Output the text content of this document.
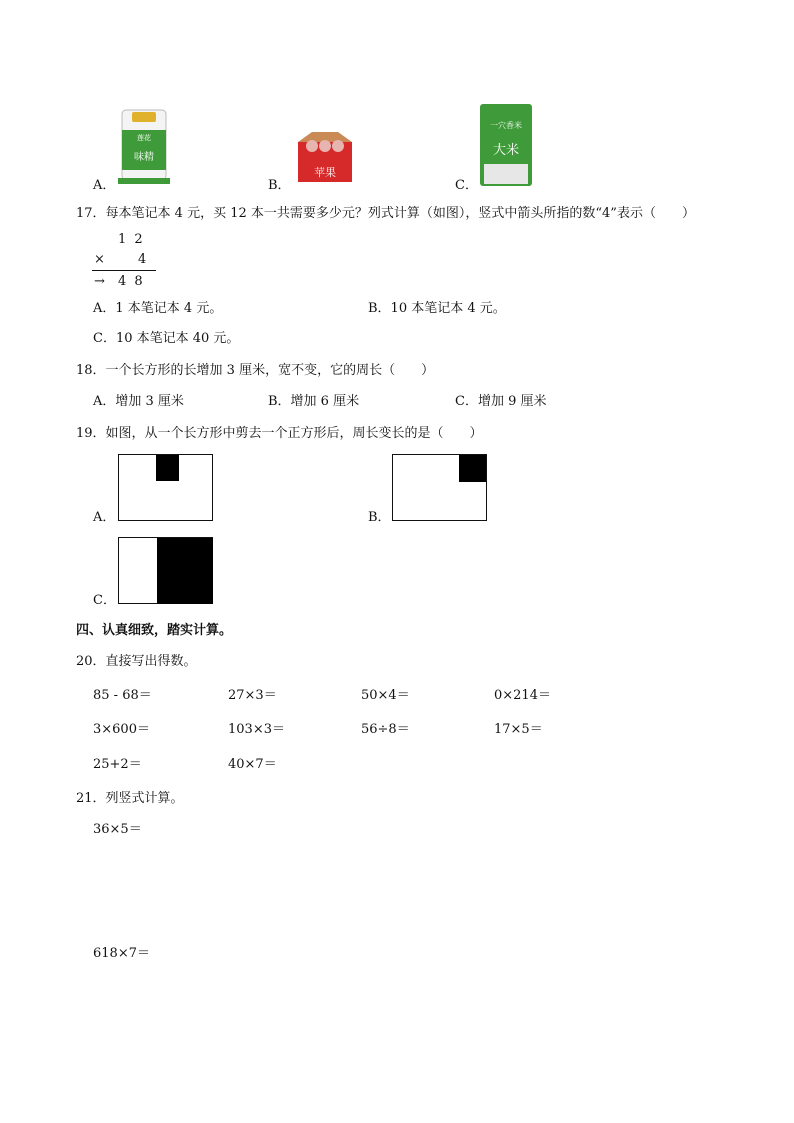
A．
味精
莲花
B．
苹果
C．
一穴香米
大米
17．每本笔记本 4 元，买 12 本一共需要多少元？列式计算（如图），竖式中箭头所指的数“4”表示（　　）
1 2
×	4
→ 4 8
A．1 本笔记本 4 元。	B．10 本笔记本 4 元。
C．10 本笔记本 40 元。
18．一个长方形的长增加 3 厘米，宽不变，它的周长（　　）
A．增加 3 厘米	B．增加 6 厘米	C．增加 9 厘米
19．如图，从一个长方形中剪去一个正方形后，周长变长的是（　　）
A．	B．
C．
四、认真细致，踏实计算。
20．直接写出得数。
85 - 68＝	27×3＝	50×4＝	0×214＝
3×600＝	103×3＝	56÷8＝	17×5＝
25+2＝	40×7＝
21．列竖式计算。
36×5＝
618×7＝
